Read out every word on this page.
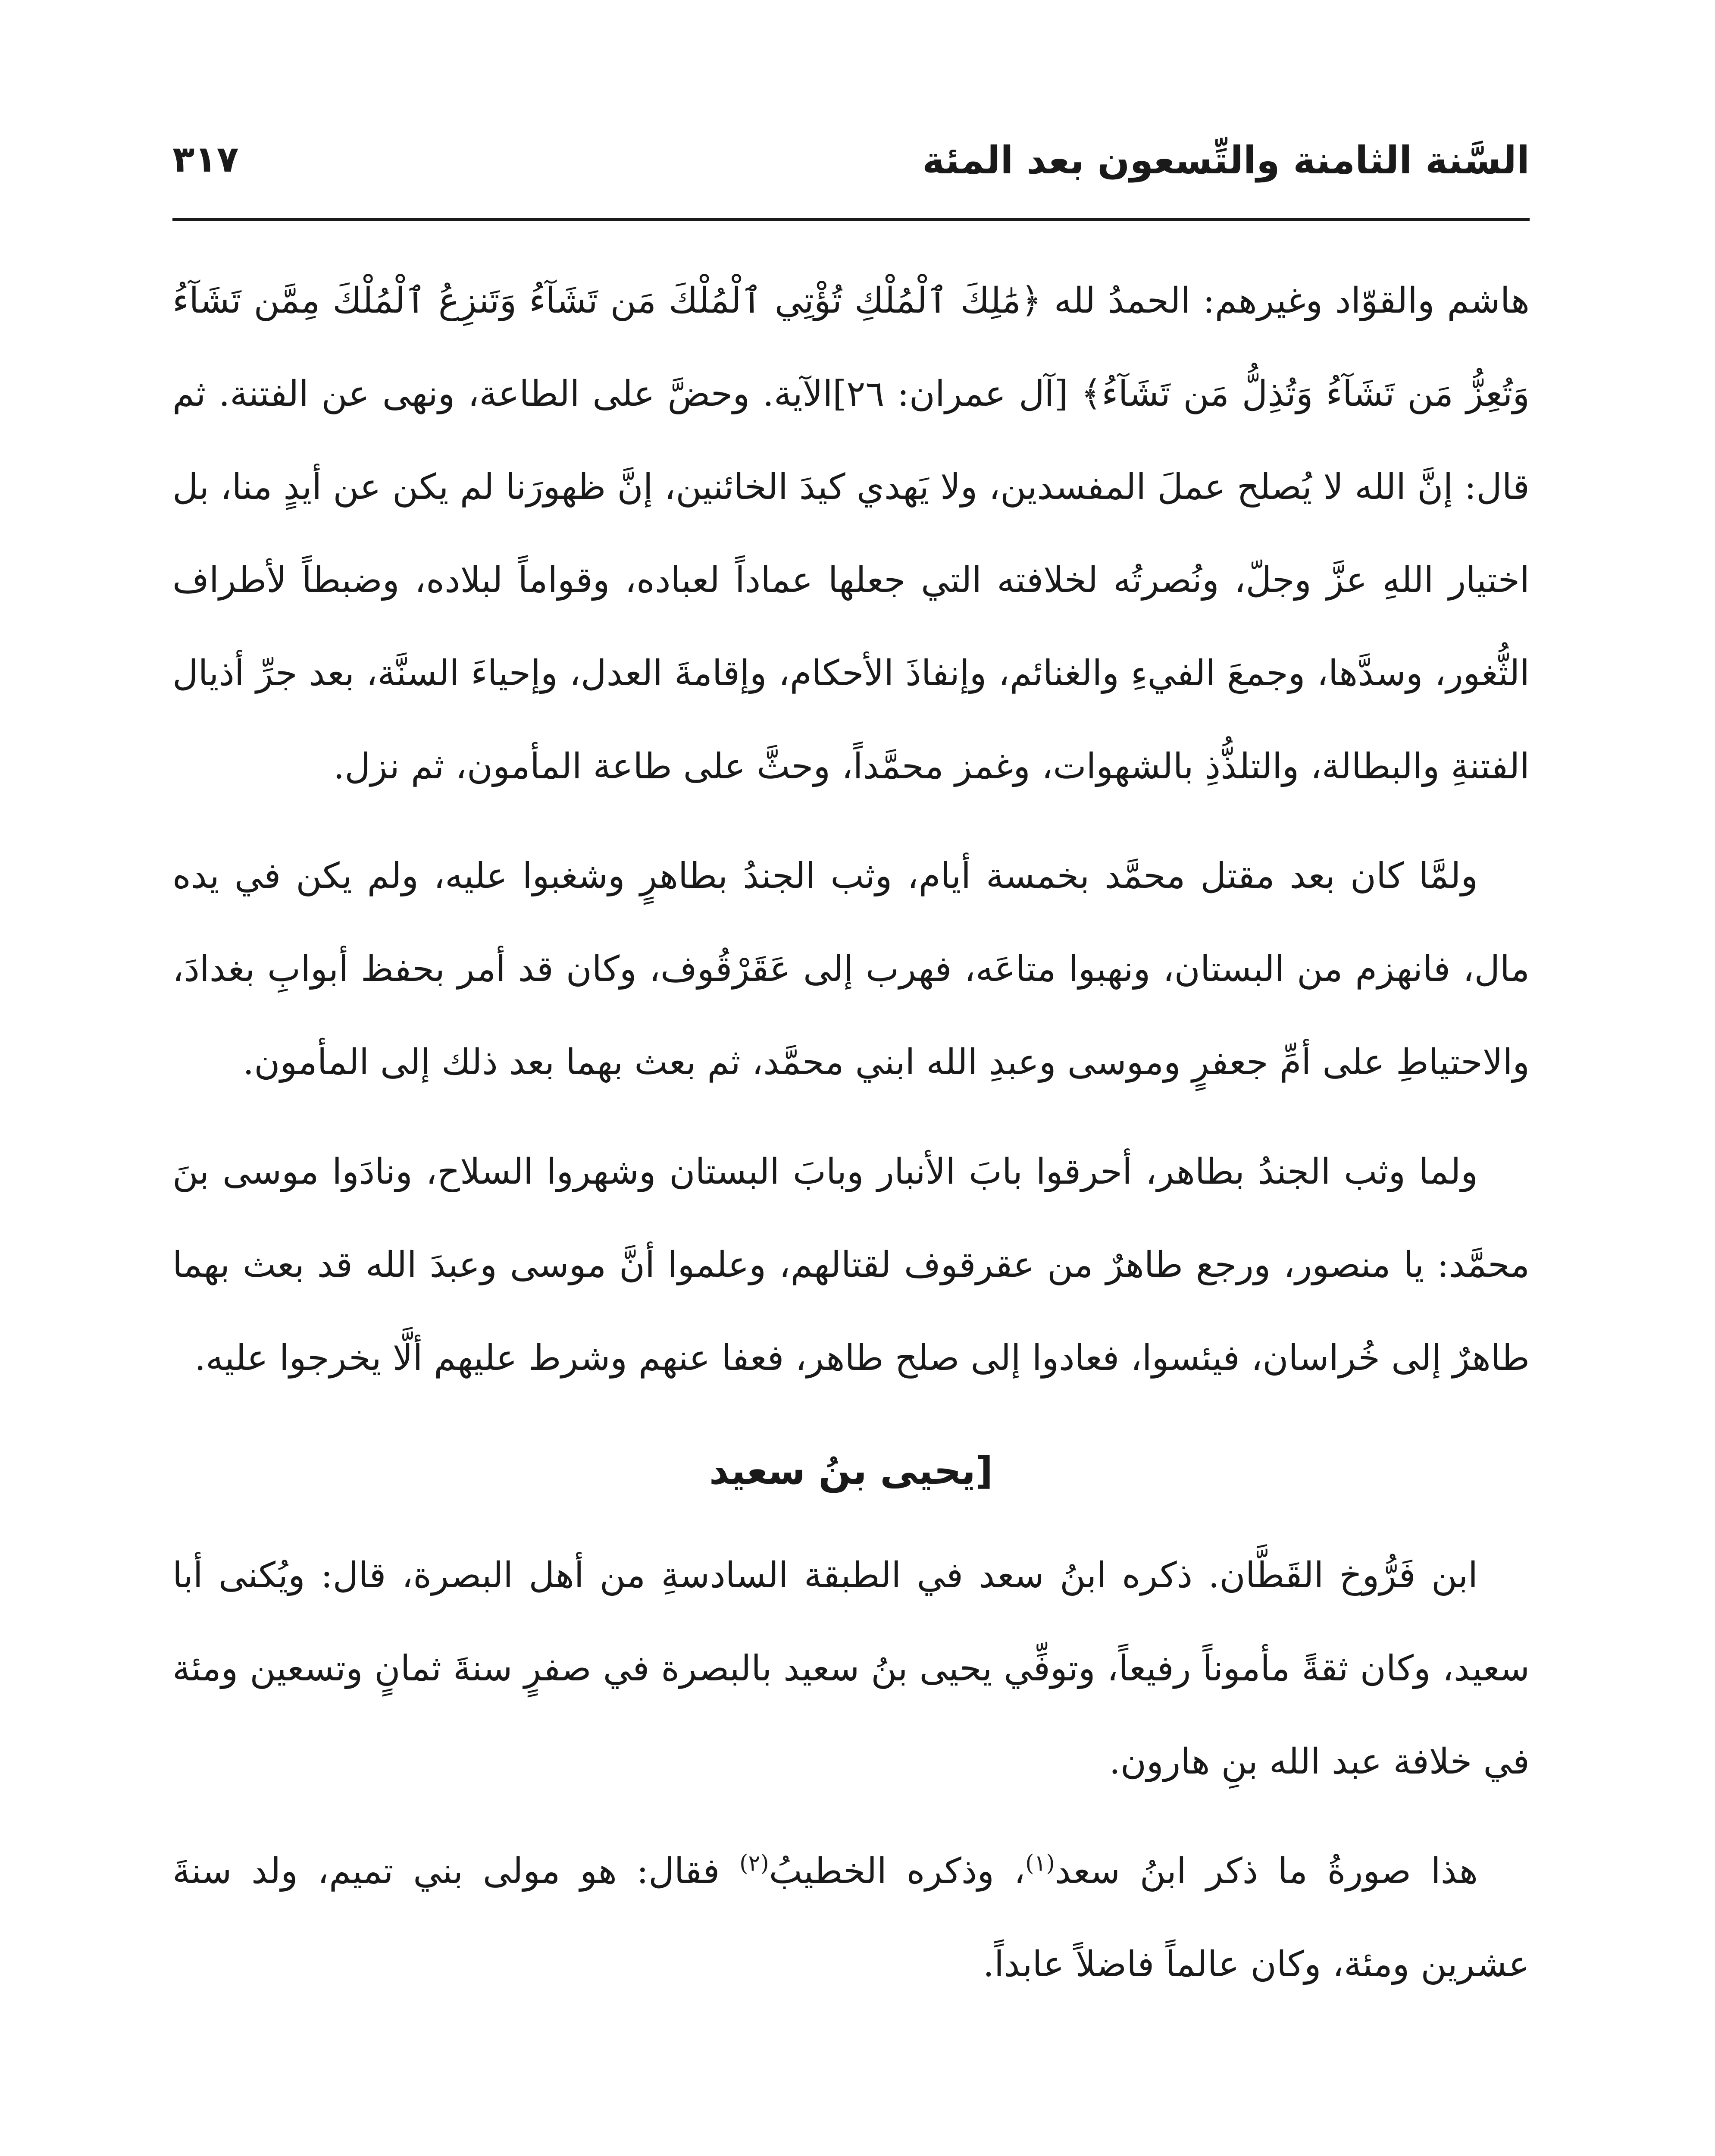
السَّنة الثامنة والتِّسعون بعد المئة
٣١٧

هاشم والقوّاد وغيرهم: الحمدُ لله ﴿مَٰلِكَ ٱلْمُلْكِ تُؤْتِي ٱلْمُلْكَ مَن تَشَآءُ وَتَنزِعُ ٱلْمُلْكَ مِمَّن تَشَآءُ وَتُعِزُّ مَن تَشَآءُ وَتُذِلُّ مَن تَشَآءُ﴾ [آل عمران: ٢٦]الآية. وحضَّ على الطاعة، ونهى عن الفتنة. ثم قال: إنَّ الله لا يُصلح عملَ المفسدين، ولا يَهدي كيدَ الخائنين، إنَّ ظهورَنا لم يكن عن أيدٍ منا، بل اختيار اللهِ عزَّ وجلّ، ونُصرتُه لخلافته التي جعلها عماداً لعباده، وقواماً لبلاده، وضبطاً لأطراف الثُّغور، وسدَّها، وجمعَ الفيءِ والغنائم، وإنفاذَ الأحكام، وإقامةَ العدل، وإحياءَ السنَّة، بعد جرِّ أذيال الفتنةِ والبطالة، والتلذُّذِ بالشهوات، وغمز محمَّداً، وحثَّ على طاعة المأمون، ثم نزل.

ولمَّا كان بعد مقتل محمَّد بخمسة أيام، وثب الجندُ بطاهرٍ وشغبوا عليه، ولم يكن في يده مال، فانهزم من البستان، ونهبوا متاعَه، فهرب إلى عَقَرْقُوف، وكان قد أمر بحفظ أبوابِ بغدادَ، والاحتياطِ على أمِّ جعفرٍ وموسى وعبدِ الله ابني محمَّد، ثم بعث بهما بعد ذلك إلى المأمون.

ولما وثب الجندُ بطاهر، أحرقوا بابَ الأنبار وبابَ البستان وشهروا السلاح، ونادَوا موسى بنَ محمَّد: يا منصور، ورجع طاهرٌ من عقرقوف لقتالهم، وعلموا أنَّ موسى وعبدَ الله قد بعث بهما طاهرٌ إلى خُراسان، فيئسوا، فعادوا إلى صلح طاهر، فعفا عنهم وشرط عليهم ألَّا يخرجوا عليه.

[يحيى بنُ سعيد

ابن فَرُّوخ القَطَّان. ذكره ابنُ سعد في الطبقة السادسةِ من أهل البصرة، قال: ويُكنى أبا سعيد، وكان ثقةً مأموناً رفيعاً، وتوفِّي يحيى بنُ سعيد بالبصرة في صفرٍ سنةَ ثمانٍ وتسعين ومئة في خلافة عبد الله بنِ هارون.

هذا صورةُ ما ذكر ابنُ سعد$^{(١)}$، وذكره الخطيبُ$^{(٢)}$ فقال: هو مولى بني تميم، ولد سنةَ عشرين ومئة، وكان عالماً فاضلاً عابداً.
